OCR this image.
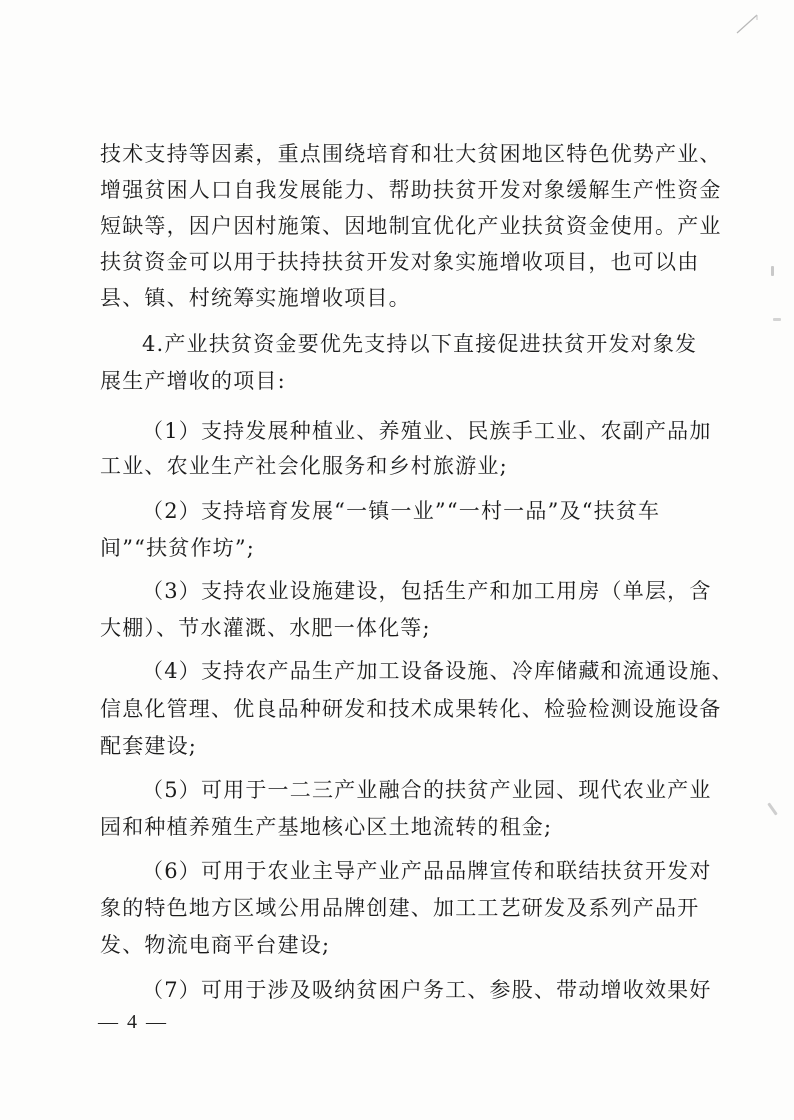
技术支持等因素，重点围绕培育和壮大贫困地区特色优势产业、
增强贫困人口自我发展能力、帮助扶贫开发对象缓解生产性资金
短缺等，因户因村施策、因地制宜优化产业扶贫资金使用。产业
扶贫资金可以用于扶持扶贫开发对象实施增收项目，也可以由
县、镇、村统筹实施增收项目。
4.产业扶贫资金要优先支持以下直接促进扶贫开发对象发
展生产增收的项目:
（1）支持发展种植业、养殖业、民族手工业、农副产品加
工业、农业生产社会化服务和乡村旅游业;
（2）支持培育发展“一镇一业”“一村一品”及“扶贫车
间”“扶贫作坊”;
（3）支持农业设施建设，包括生产和加工用房（单层，含
大棚）、节水灌溉、水肥一体化等;
（4）支持农产品生产加工设备设施、冷库储藏和流通设施、
信息化管理、优良品种研发和技术成果转化、检验检测设施设备
配套建设;
（5）可用于一二三产业融合的扶贫产业园、现代农业产业
园和种植养殖生产基地核心区土地流转的租金;
（6）可用于农业主导产业产品品牌宣传和联结扶贫开发对
象的特色地方区域公用品牌创建、加工工艺研发及系列产品开
发、物流电商平台建设;
（7）可用于涉及吸纳贫困户务工、参股、带动增收效果好
— 4 —
